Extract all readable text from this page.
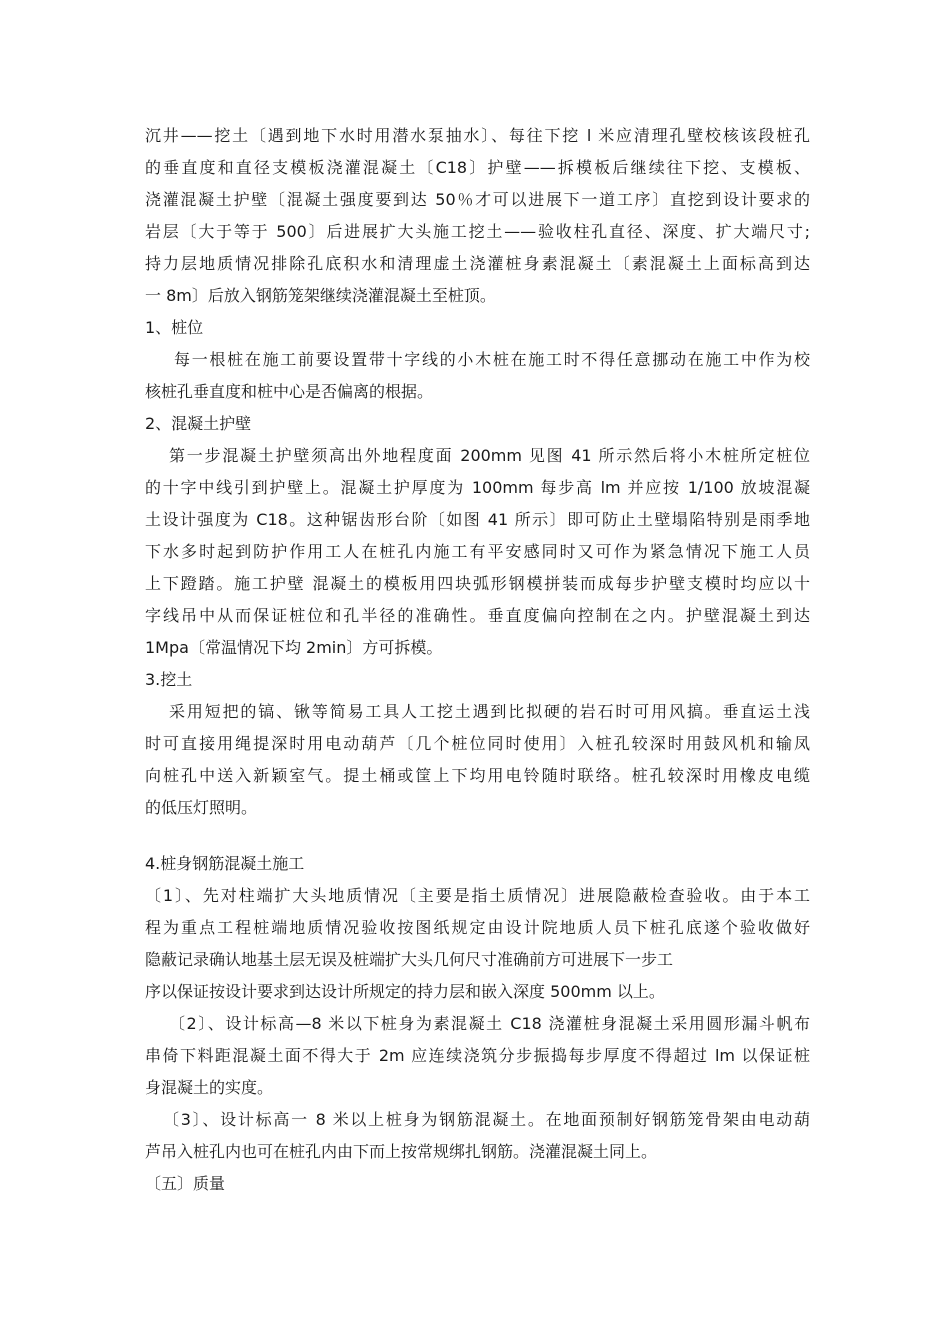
沉井——挖土〔遇到地下水时用潜水泵抽水〕、每往下挖 l 米应清理孔壁校核该段桩孔
的垂直度和直径支模板浇灌混凝土〔C18〕护壁——拆模板后继续往下挖、支模板、
浇灌混凝土护壁〔混凝土强度要到达 50％才可以进展下一道工序〕直挖到设计要求的
岩层〔大于等于 500〕后进展扩大头施工挖土——验收柱孔直径、深度、扩大端尺寸;
持力层地质情况排除孔底积水和清理虚土浇灌桩身素混凝土〔素混凝土上面标高到达
一 8m〕后放入钢筋笼架继续浇灌混凝土至桩顶。
1、桩位
每一根桩在施工前要设置带十字线的小木桩在施工时不得任意挪动在施工中作为校
核桩孔垂直度和桩中心是否偏离的根据。
2、混凝土护壁
第一步混凝土护壁须高出外地程度面 200mm 见图 41 所示然后将小木桩所定桩位
的十字中线引到护壁上。混凝土护厚度为 100mm 每步高 lm 并应按 1/100 放坡混凝
土设计强度为 C18。这种锯齿形台阶〔如图 41 所示〕即可防止土壁塌陷特别是雨季地
下水多时起到防护作用工人在桩孔内施工有平安感同时又可作为紧急情况下施工人员
上下蹬踏。施工护壁 混凝土的模板用四块弧形钢模拼装而成每步护壁支模时均应以十
字线吊中从而保证桩位和孔半径的准确性。垂直度偏向控制在之内。护壁混凝土到达
1Mpa〔常温情况下均 2min〕方可拆模。
3.挖土
采用短把的镐、锹等简易工具人工挖土遇到比拟硬的岩石时可用风搞。垂直运土浅
时可直接用绳提深时用电动葫芦〔几个桩位同时使用〕入桩孔较深时用鼓风机和输凤
向桩孔中送入新颖室气。提土桶或筐上下均用电铃随时联络。桩孔较深时用橡皮电缆
的低压灯照明。
4.桩身钢筋混凝土施工
〔1〕、先对柱端扩大头地质情况〔主要是指土质情况〕进展隐蔽检查验收。由于本工
程为重点工程桩端地质情况验收按图纸规定由设计院地质人员下桩孔底遂个验收做好
隐蔽记录确认地基土层无误及桩端扩大头几何尺寸准确前方可进展下一步工
序以保证按设计要求到达设计所规定的持力层和嵌入深度 500mm 以上。
〔2〕、设计标高—8 米以下桩身为素混凝土 C18 浇灌桩身混凝土采用圆形漏斗帆布
串倚下料距混凝土面不得大于 2m 应连续浇筑分步振捣每步厚度不得超过 lm 以保证桩
身混凝土的实度。
〔3〕、设计标高一 8 米以上桩身为钢筋混凝土。在地面预制好钢筋笼骨架由电动葫
芦吊入桩孔内也可在桩孔内由下而上按常规绑扎钢筋。浇灌混凝土同上。
〔五〕质量
